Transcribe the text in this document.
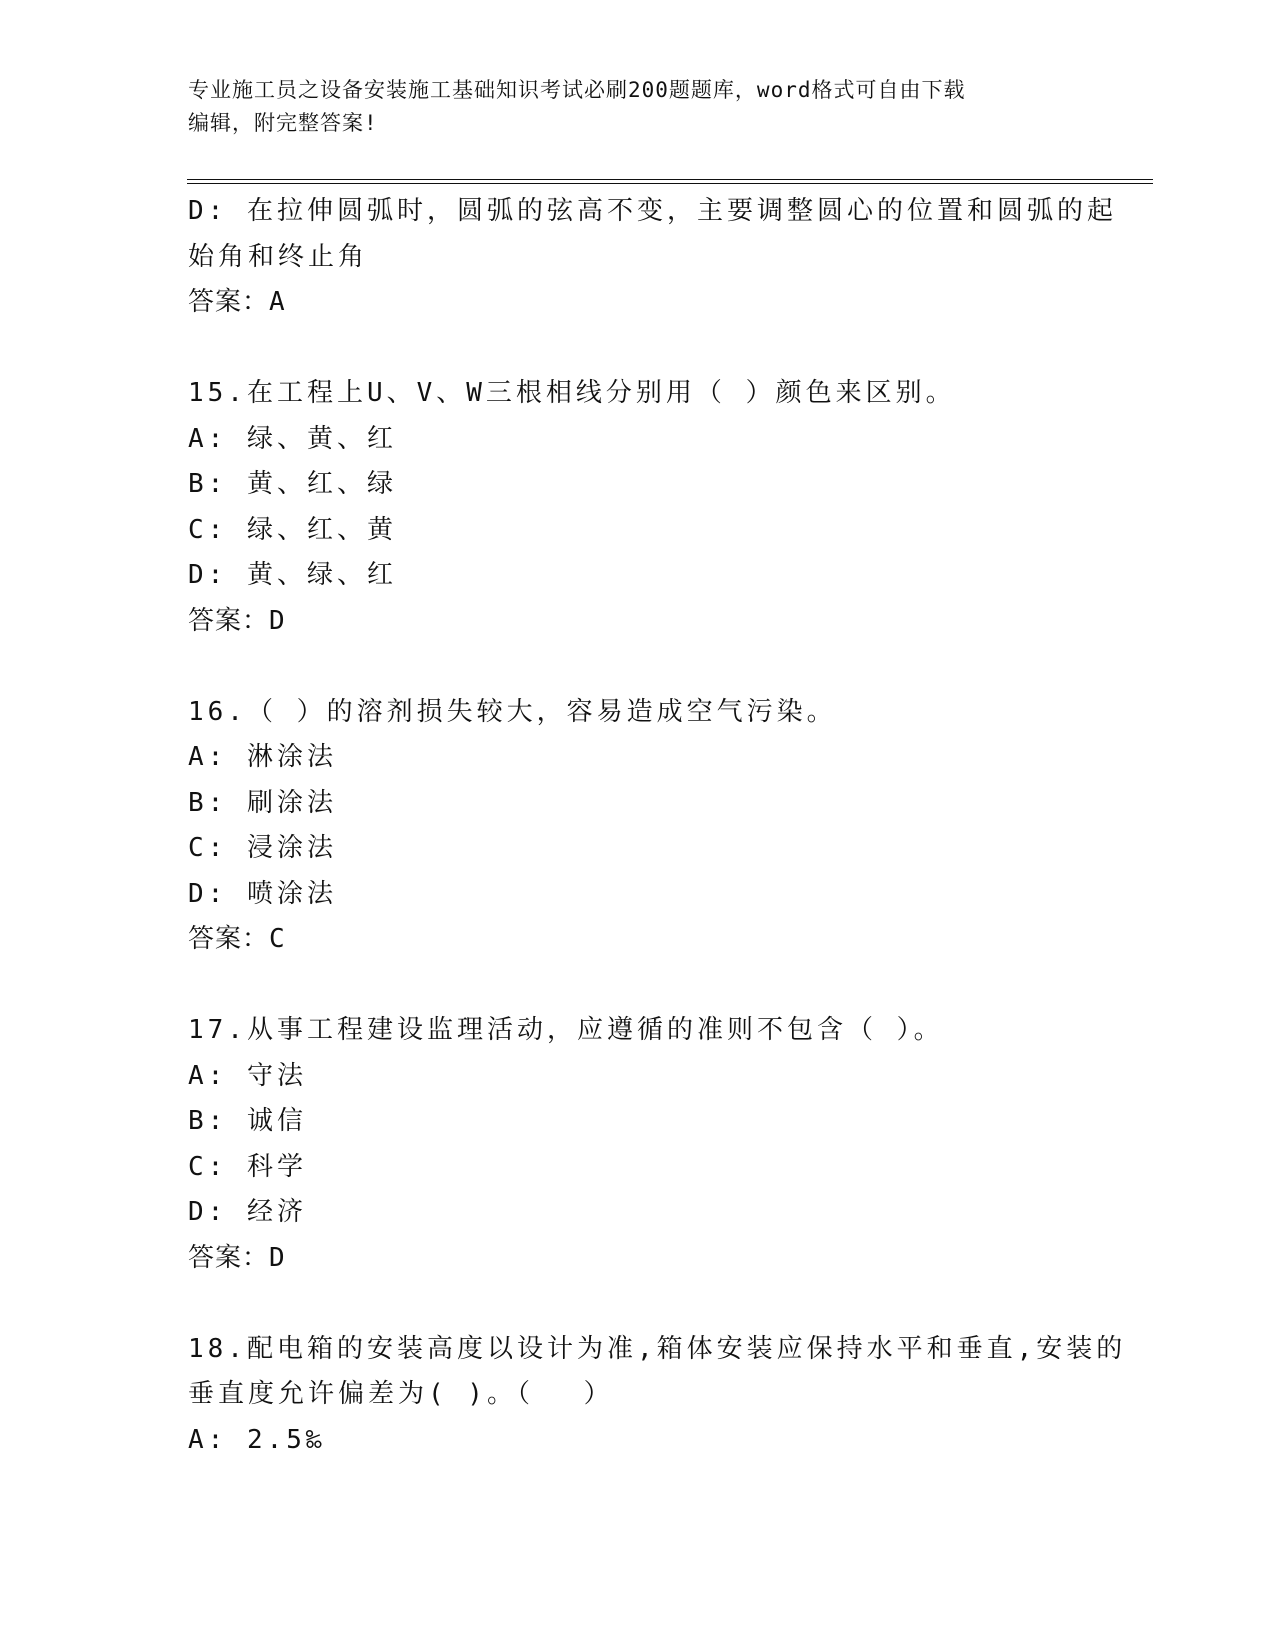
专业施工员之设备安装施工基础知识考试必刷200题题库，word格式可自由下载
编辑，附完整答案!
D: 在拉伸圆弧时，圆弧的弦高不变，主要调整圆心的位置和圆弧的起
始角和终止角
答案：A
15.在工程上U、V、W三根相线分别用（ ）颜色来区别。
A: 绿、黄、红
B: 黄、红、绿
C: 绿、红、黄
D: 黄、绿、红
答案：D
16.（ ）的溶剂损失较大，容易造成空气污染。
A: 淋涂法
B: 刷涂法
C: 浸涂法
D: 喷涂法
答案：C
17.从事工程建设监理活动，应遵循的准则不包含（ ）。
A: 守法
B: 诚信
C: 科学
D: 经济
答案：D
18.配电箱的安装高度以设计为准,箱体安装应保持水平和垂直,安装的
垂直度允许偏差为( )。（　 ）
A: 2.5‰
